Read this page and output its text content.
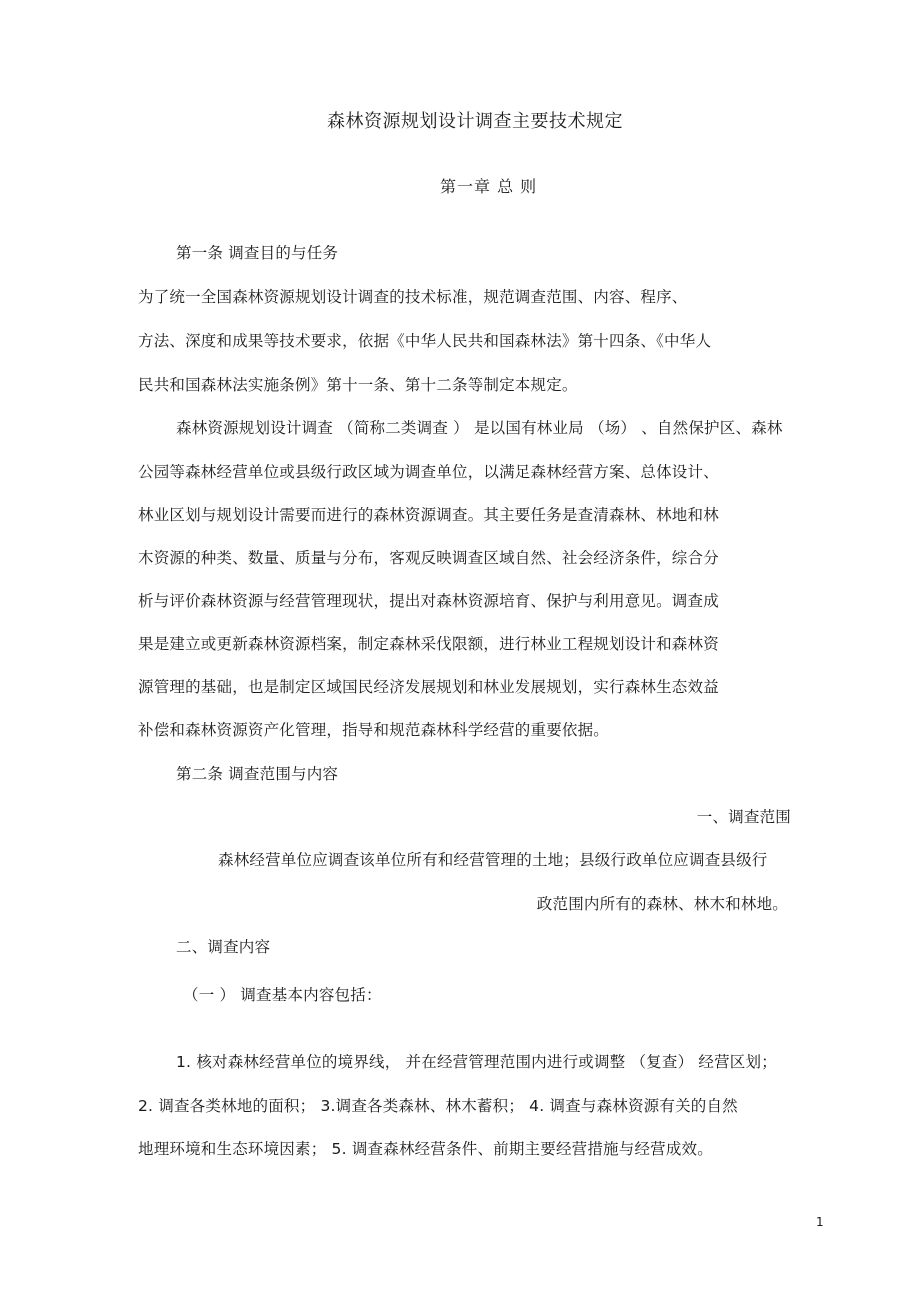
森林资源规划设计调查主要技术规定
第一章 总 则
第一条 调查目的与任务
为了统一全国森林资源规划设计调查的技术标准，规范调查范围、内容、程序、
方法、深度和成果等技术要求，依据《中华人民共和国森林法》第十四条、《中华人
民共和国森林法实施条例》第十一条、第十二条等制定本规定。
森林资源规划设计调查 （简称二类调查 ） 是以国有林业局 （场） 、自然保护区、森林
公园等森林经营单位或县级行政区域为调查单位，以满足森林经营方案、总体设计、
林业区划与规划设计需要而进行的森林资源调查。其主要任务是查清森林、林地和林
木资源的种类、数量、质量与分布，客观反映调查区域自然、社会经济条件，综合分
析与评价森林资源与经营管理现状，提出对森林资源培育、保护与利用意见。调查成
果是建立或更新森林资源档案，制定森林采伐限额，进行林业工程规划设计和森林资
源管理的基础，也是制定区域国民经济发展规划和林业发展规划，实行森林生态效益
补偿和森林资源资产化管理，指导和规范森林科学经营的重要依据。
第二条 调查范围与内容
一、调查范围
森林经营单位应调查该单位所有和经营管理的土地；县级行政单位应调查县级行
政范围内所有的森林、林木和林地。
二、调查内容
（一 ） 调查基本内容包括：
1. 核对森林经营单位的境界线， 并在经营管理范围内进行或调整 （复查） 经营区划；
2. 调查各类林地的面积； 3.调查各类森林、林木蓄积； 4. 调查与森林资源有关的自然
地理环境和生态环境因素； 5. 调查森林经营条件、前期主要经营措施与经营成效。
1
